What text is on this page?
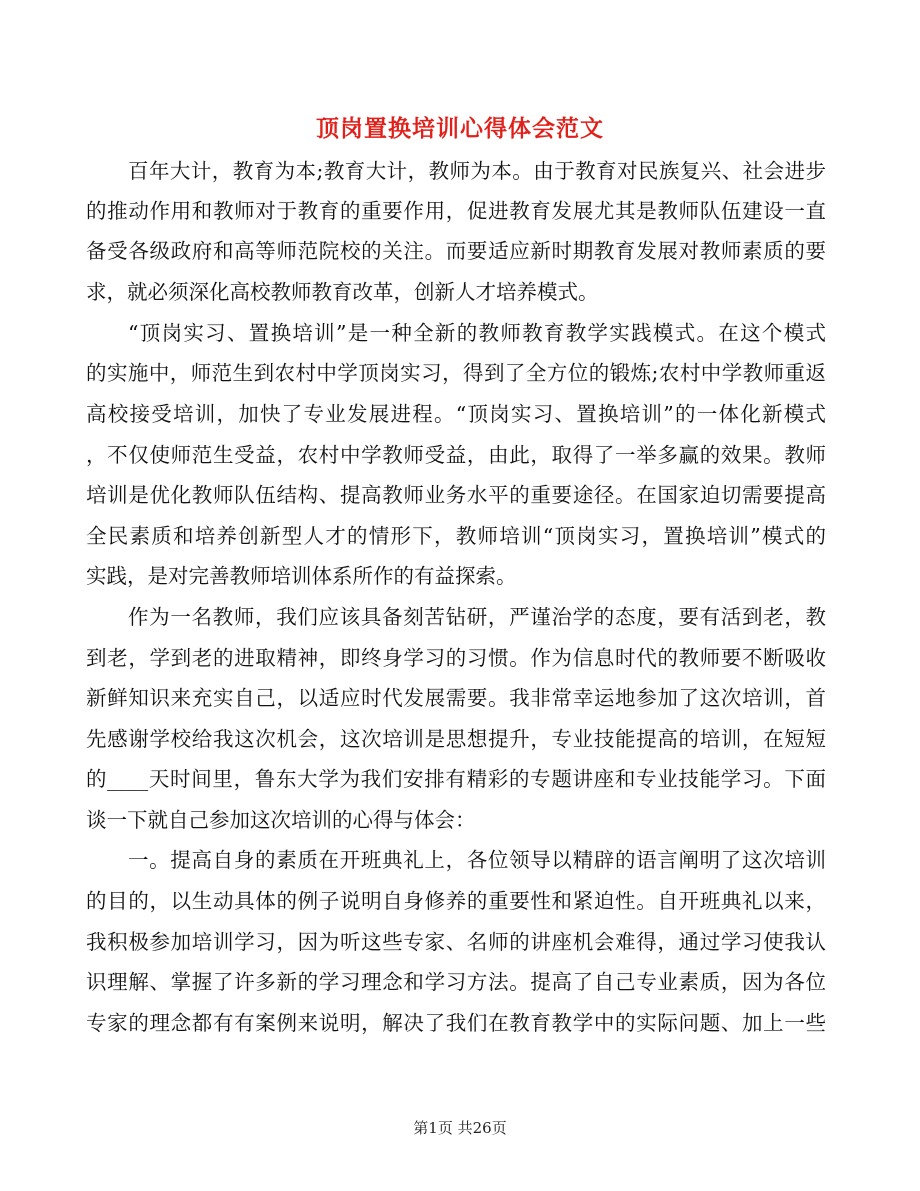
顶岗置换培训心得体会范文
百年大计，教育为本;教育大计，教师为本。由于教育对民族复兴、社会进步
的推动作用和教师对于教育的重要作用，促进教育发展尤其是教师队伍建设一直
备受各级政府和高等师范院校的关注。而要适应新时期教育发展对教师素质的要
求，就必须深化高校教师教育改革，创新人才培养模式。
“顶岗实习、置换培训”是一种全新的教师教育教学实践模式。在这个模式
的实施中，师范生到农村中学顶岗实习，得到了全方位的锻炼;农村中学教师重返
高校接受培训，加快了专业发展进程。“顶岗实习、置换培训”的一体化新模式
，不仅使师范生受益，农村中学教师受益，由此，取得了一举多赢的效果。教师
培训是优化教师队伍结构、提高教师业务水平的重要途径。在国家迫切需要提高
全民素质和培养创新型人才的情形下，教师培训“顶岗实习，置换培训”模式的
实践，是对完善教师培训体系所作的有益探索。
作为一名教师，我们应该具备刻苦钻研，严谨治学的态度，要有活到老，教
到老，学到老的进取精神，即终身学习的习惯。作为信息时代的教师要不断吸收
新鲜知识来充实自己，以适应时代发展需要。我非常幸运地参加了这次培训，首
先感谢学校给我这次机会，这次培训是思想提升，专业技能提高的培训，在短短
的____天时间里，鲁东大学为我们安排有精彩的专题讲座和专业技能学习。下面
谈一下就自己参加这次培训的心得与体会：
一。提高自身的素质在开班典礼上，各位领导以精辟的语言阐明了这次培训
的目的，以生动具体的例子说明自身修养的重要性和紧迫性。自开班典礼以来，
我积极参加培训学习，因为听这些专家、名师的讲座机会难得，通过学习使我认
识理解、掌握了许多新的学习理念和学习方法。提高了自己专业素质，因为各位
专家的理念都有有案例来说明，解决了我们在教育教学中的实际问题、加上一些
第1页 共26页
